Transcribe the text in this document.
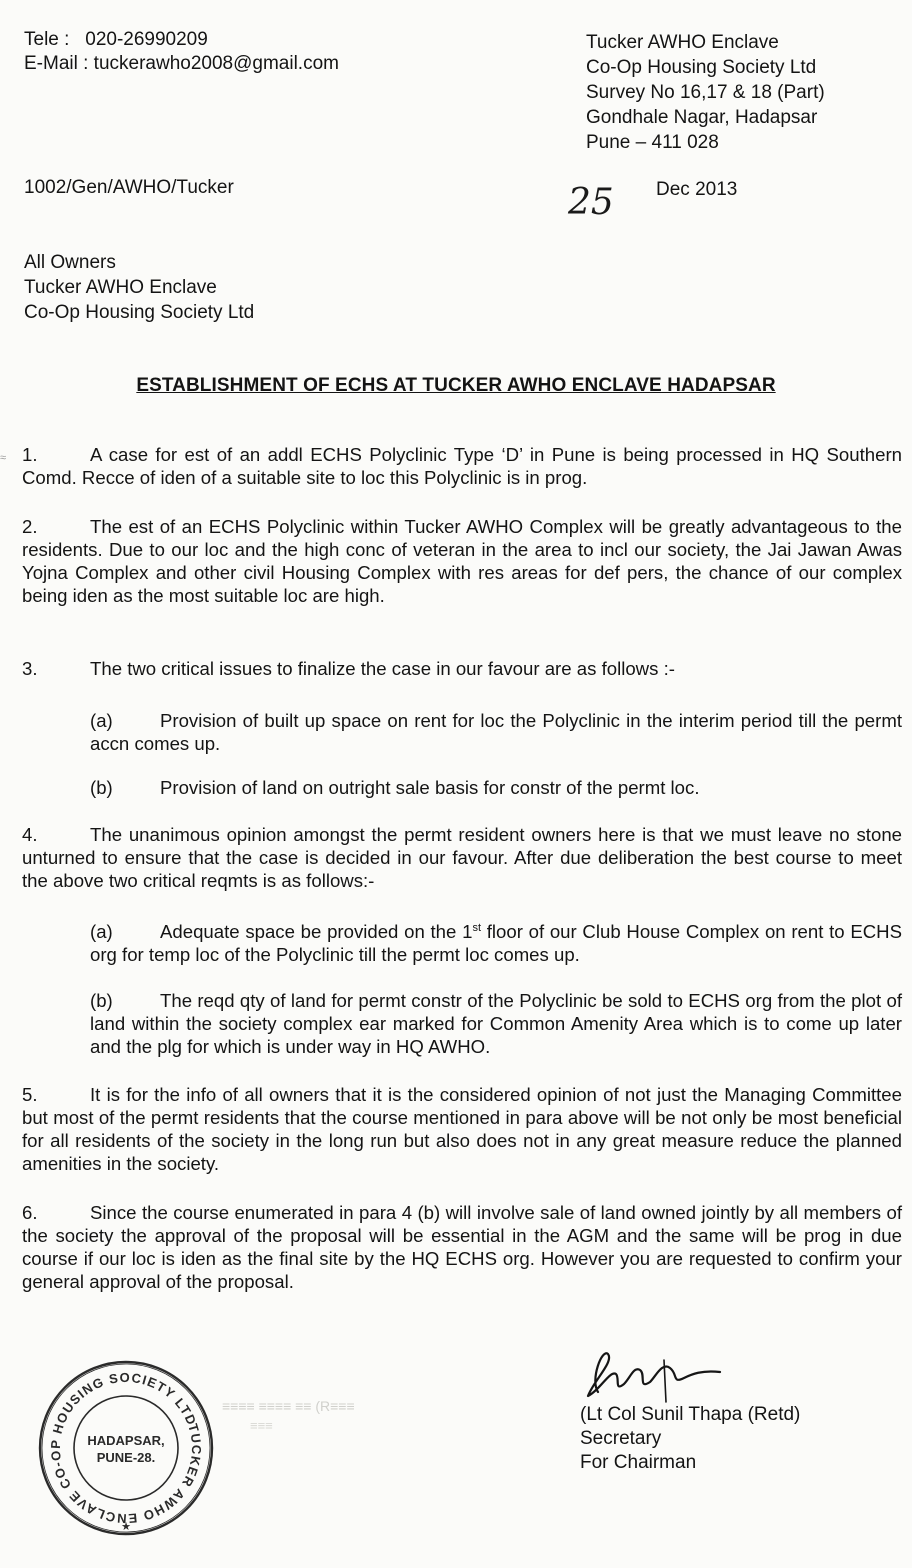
Tele :   020-26990209
E-Mail : tuckerawho2008@gmail.com
Tucker AWHO Enclave
Co-Op Housing Society Ltd
Survey No 16,17 & 18 (Part)
Gondhale Nagar, Hadapsar
Pune – 411 028
1002/Gen/AWHO/Tucker	25 Dec 2013
All Owners
Tucker AWHO Enclave
Co-Op Housing Society Ltd
ESTABLISHMENT OF ECHS AT TUCKER AWHO ENCLAVE HADAPSAR
≈ 1.	A case for est of an addl ECHS Polyclinic Type ‘D’ in Pune is being processed in HQ Southern Comd. Recce of iden of a suitable site to loc this Polyclinic is in prog.
2.	The est of an ECHS Polyclinic within Tucker AWHO Complex will be greatly advantageous to the residents. Due to our loc and the high conc of veteran in the area to incl our society, the Jai Jawan Awas Yojna Complex and other civil Housing Complex with res areas for def pers, the chance of our complex being iden as the most suitable loc are high.
3.	The two critical issues to finalize the case in our favour are as follows :-
(a)	Provision of built up space on rent for loc the Polyclinic in the interim period till the permt accn comes up.
(b)	Provision of land on outright sale basis for constr of the permt loc.
4.	The unanimous opinion amongst the permt resident owners here is that we must leave no stone unturned to ensure that the case is decided in our favour. After due deliberation the best course to meet the above two critical reqmts is as follows:-
(a)	Adequate space be provided on the 1st floor of our Club House Complex on rent to ECHS org for temp loc of the Polyclinic till the permt loc comes up.
(b)	The reqd qty of land for permt constr of the Polyclinic be sold to ECHS org from the plot of land within the society complex ear marked for Common Amenity Area which is to come up later and the plg for which is under way in HQ AWHO.
5.	It is for the info of all owners that it is the considered opinion of not just the Managing Committee but most of the permt residents that the course mentioned in para above will be not only be most beneficial for all residents of the society in the long run but also does not in any great measure reduce the planned amenities in the society.
6.	Since the course enumerated in para 4 (b) will involve sale of land owned jointly by all members of the society the approval of the proposal will be essential in the AGM and the same will be prog in due course if our loc is iden as the final site by the HQ ECHS org. However you are requested to confirm your general approval of the proposal.
≡≡≡≡ ≡≡≡≡ ≡≡ (R≡≡≡
≡≡≡
(Lt Col Sunil Thapa (Retd)
Secretary
For Chairman
TUCKER AWHO ENCLAVE CO-OP HOUSING SOCIETY LTD
HADAPSAR,
PUNE-28.
★
